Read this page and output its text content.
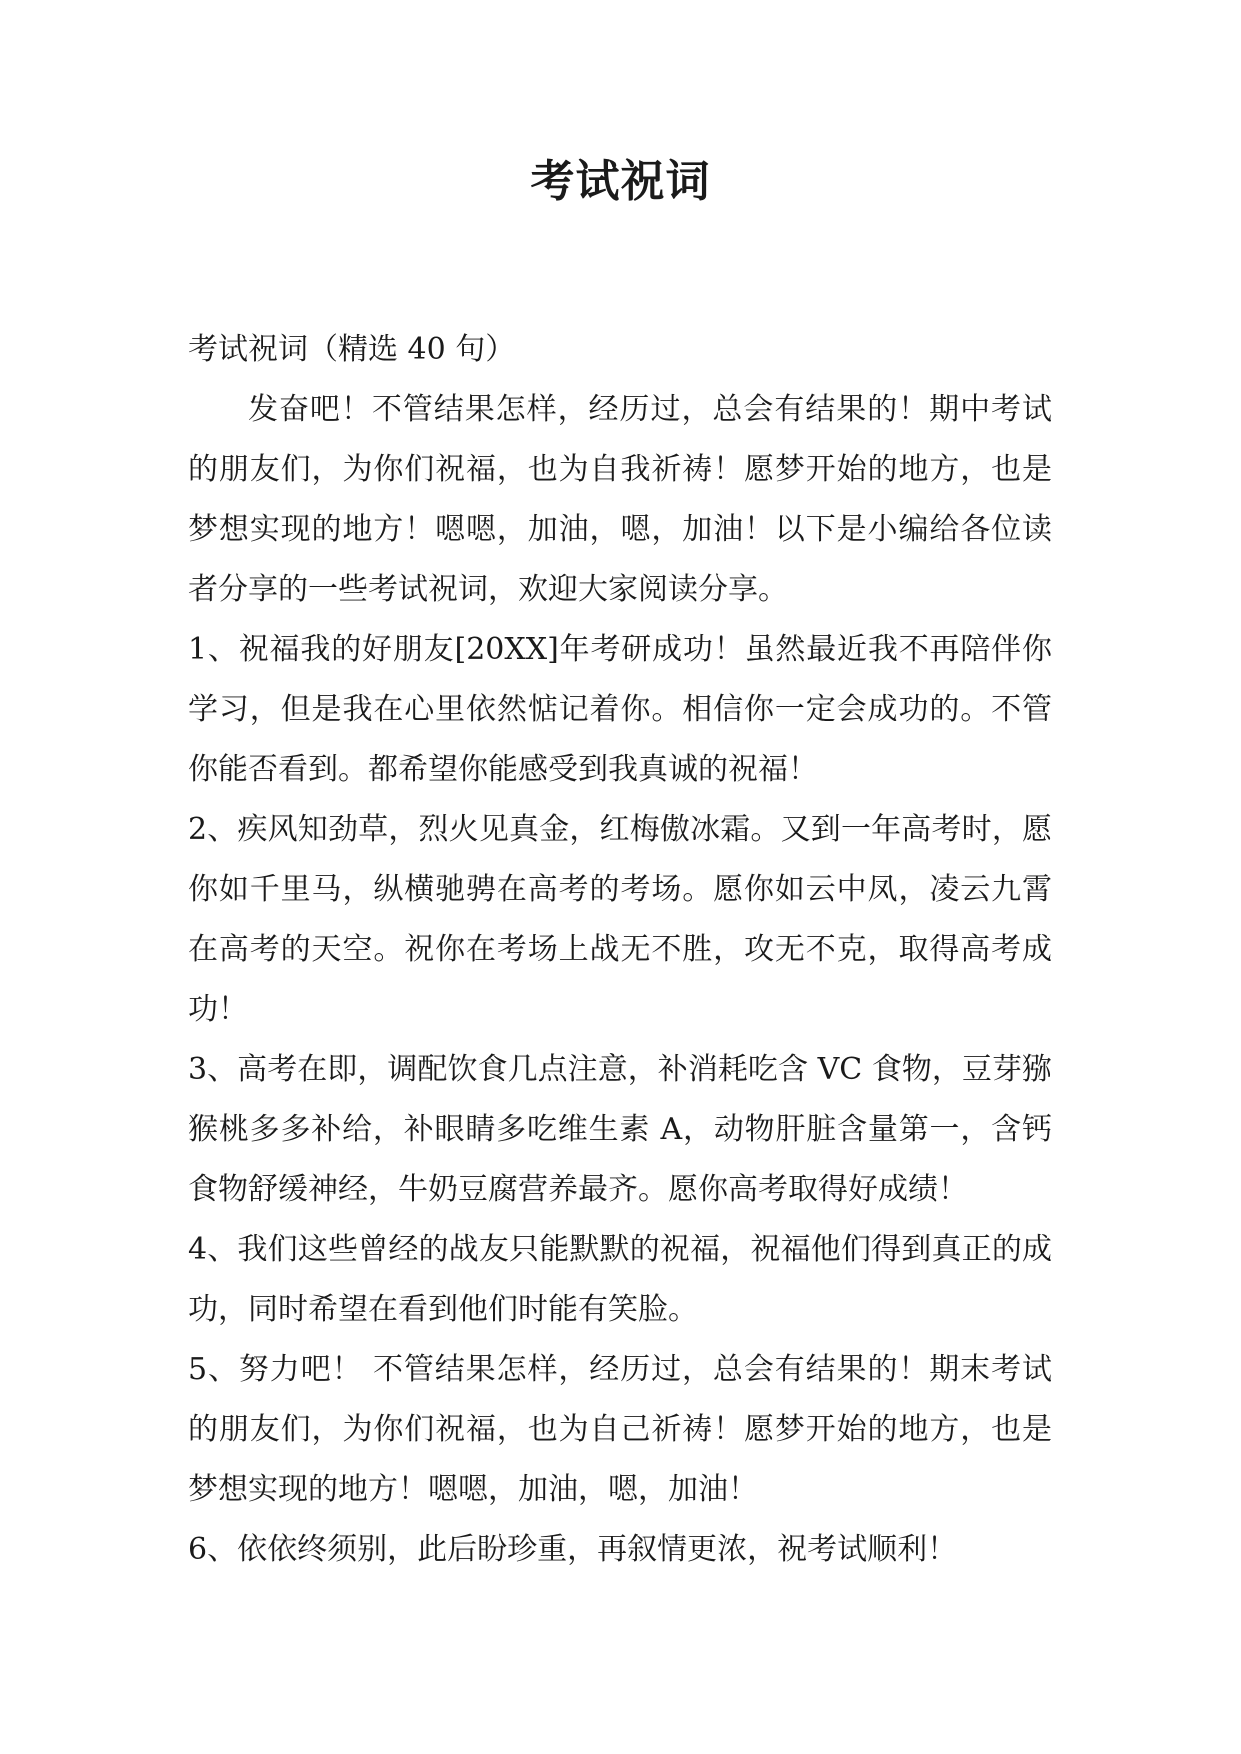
考试祝词

考试祝词（精选 40 句）

发奋吧！不管结果怎样，经历过，总会有结果的！期中考试的朋友们，为你们祝福，也为自我祈祷！愿梦开始的地方，也是梦想实现的地方！嗯嗯，加油，嗯，加油！以下是小编给各位读者分享的一些考试祝词，欢迎大家阅读分享。

1、祝福我的好朋友[20XX]年考研成功！虽然最近我不再陪伴你学习，但是我在心里依然惦记着你。相信你一定会成功的。不管你能否看到。都希望你能感受到我真诚的祝福！

2、疾风知劲草，烈火见真金，红梅傲冰霜。又到一年高考时，愿你如千里马，纵横驰骋在高考的考场。愿你如云中凤，凌云九霄在高考的天空。祝你在考场上战无不胜，攻无不克，取得高考成功！

3、高考在即，调配饮食几点注意，补消耗吃含 VC 食物，豆芽猕猴桃多多补给，补眼睛多吃维生素 A，动物肝脏含量第一，含钙食物舒缓神经，牛奶豆腐营养最齐。愿你高考取得好成绩！

4、我们这些曾经的战友只能默默的祝福，祝福他们得到真正的成功，同时希望在看到他们时能有笑脸。

5、努力吧！ 不管结果怎样，经历过，总会有结果的！期末考试的朋友们，为你们祝福，也为自己祈祷！愿梦开始的地方，也是梦想实现的地方！嗯嗯，加油，嗯，加油！

6、依依终须别，此后盼珍重，再叙情更浓，祝考试顺利！
